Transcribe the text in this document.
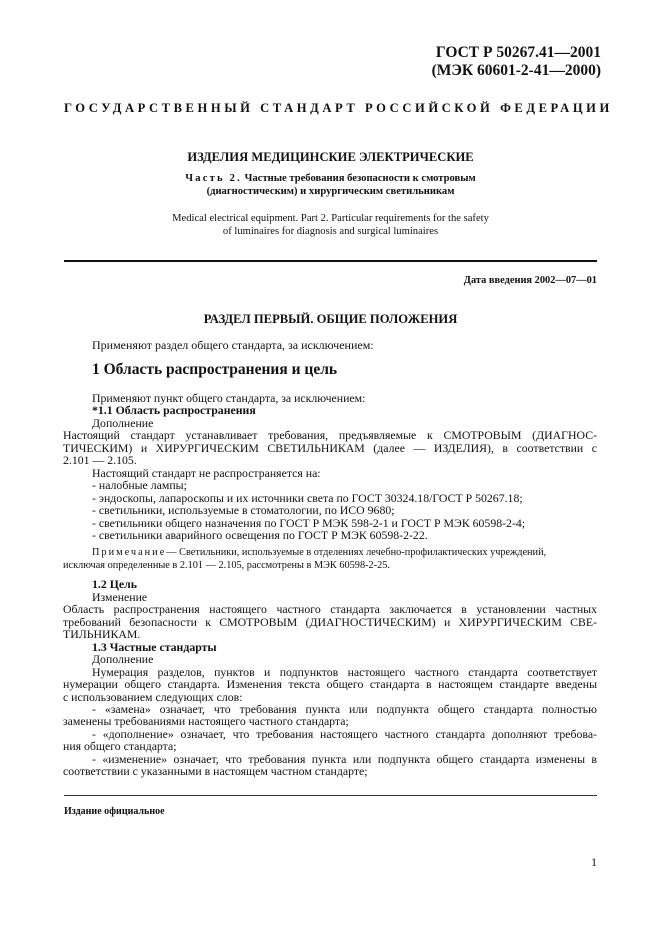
ГОСТ Р 50267.41—2001
(МЭК 60601-2-41—2000)
ГОСУДАРСТВЕННЫЙ СТАНДАРТ РОССИЙСКОЙ ФЕДЕРАЦИИ
ИЗДЕЛИЯ МЕДИЦИНСКИЕ ЭЛЕКТРИЧЕСКИЕ
Часть 2. Частные требования безопасности к смотровым
(диагностическим) и хирургическим светильникам
Medical electrical equipment. Part 2. Particular requirements for the safety
of luminaires for diagnosis and surgical luminaires
Дата введения 2002—07—01
РАЗДЕЛ ПЕРВЫЙ. ОБЩИЕ ПОЛОЖЕНИЯ
Применяют раздел общего стандарта, за исключением:
1 Область распространения и цель
Применяют пункт общего стандарта, за исключением:
*1.1 Область распространения
Дополнение
Настоящий стандарт устанавливает требования, предъявляемые к СМОТРОВЫМ (ДИАГНОС-
ТИЧЕСКИМ) и ХИРУРГИЧЕСКИМ СВЕТИЛЬНИКАМ (далее — ИЗДЕЛИЯ), в соответствии с
2.101 — 2.105.
Настоящий стандарт не распространяется на:
- налобные лампы;
- эндоскопы, лапароскопы и их источники света по ГОСТ 30324.18/ГОСТ Р 50267.18;
- светильники, используемые в стоматологии, по ИСО 9680;
- светильники общего назначения по ГОСТ Р МЭК 598-2-1 и ГОСТ Р МЭК 60598-2-4;
- светильники аварийного освещения по ГОСТ Р МЭК 60598-2-22.
Примечание— Светильники, используемые в отделениях лечебно-профилактических учреждений,
исключая определенные в 2.101 — 2.105, рассмотрены в МЭК 60598-2-25.
1.2 Цель
Изменение
Область распространения настоящего частного стандарта заключается в установлении частных
требований безопасности к СМОТРОВЫМ (ДИАГНОСТИЧЕСКИМ) и ХИРУРГИЧЕСКИМ СВЕ-
ТИЛЬНИКАМ.
1.3 Частные стандарты
Дополнение
Нумерация разделов, пунктов и подпунктов настоящего частного стандарта соответствует
нумерации общего стандарта. Изменения текста общего стандарта в настоящем стандарте введены
с использованием следующих слов:
- «замена» означает, что требования пункта или подпункта общего стандарта полностью
заменены требованиями настоящего частного стандарта;
- «дополнение» означает, что требования настоящего частного стандарта дополняют требова-
ния общего стандарта;
- «изменение» означает, что требования пункта или подпункта общего стандарта изменены в
соответствии с указанными в настоящем частном стандарте;
Издание официальное
1
